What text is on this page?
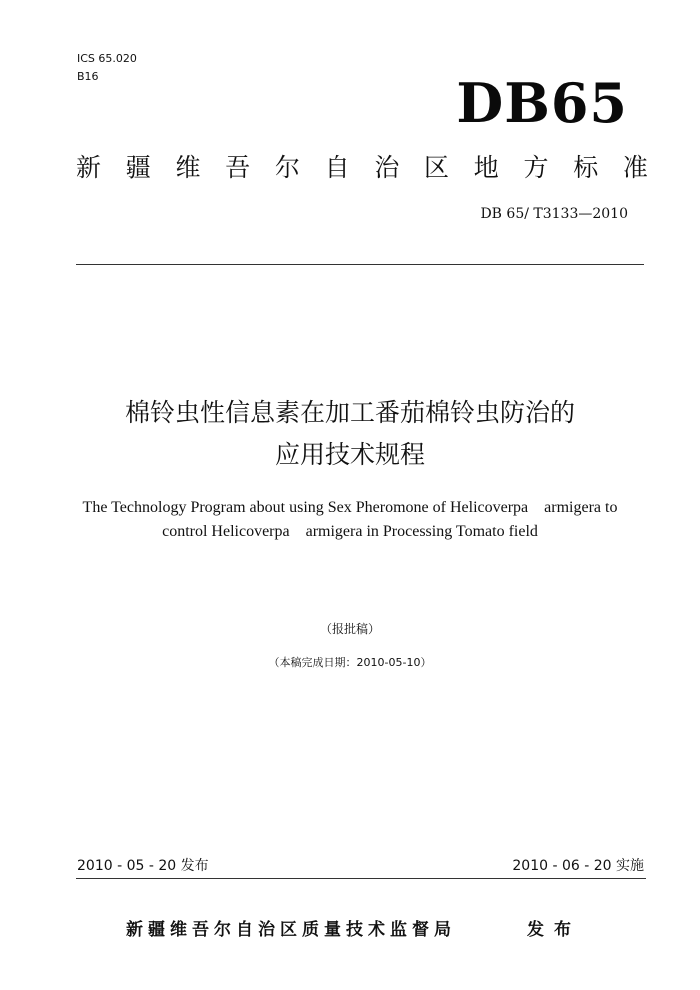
ICS 65.020
B16	DB65
新 疆 维 吾 尔 自 治 区 地 方 标 准
DB 65/ T3133—2010
棉铃虫性信息素在加工番茄棉铃虫防治的
应用技术规程
The Technology Program about using Sex Pheromone of Helicoverpa    armigera to
control Helicoverpa    armigera in Processing Tomato field
（报批稿）
（本稿完成日期：2010-05-10）
2010 - 05 - 20 发布	2010 - 06 - 20 实施
新疆维吾尔自治区质量技术监督局	发布
